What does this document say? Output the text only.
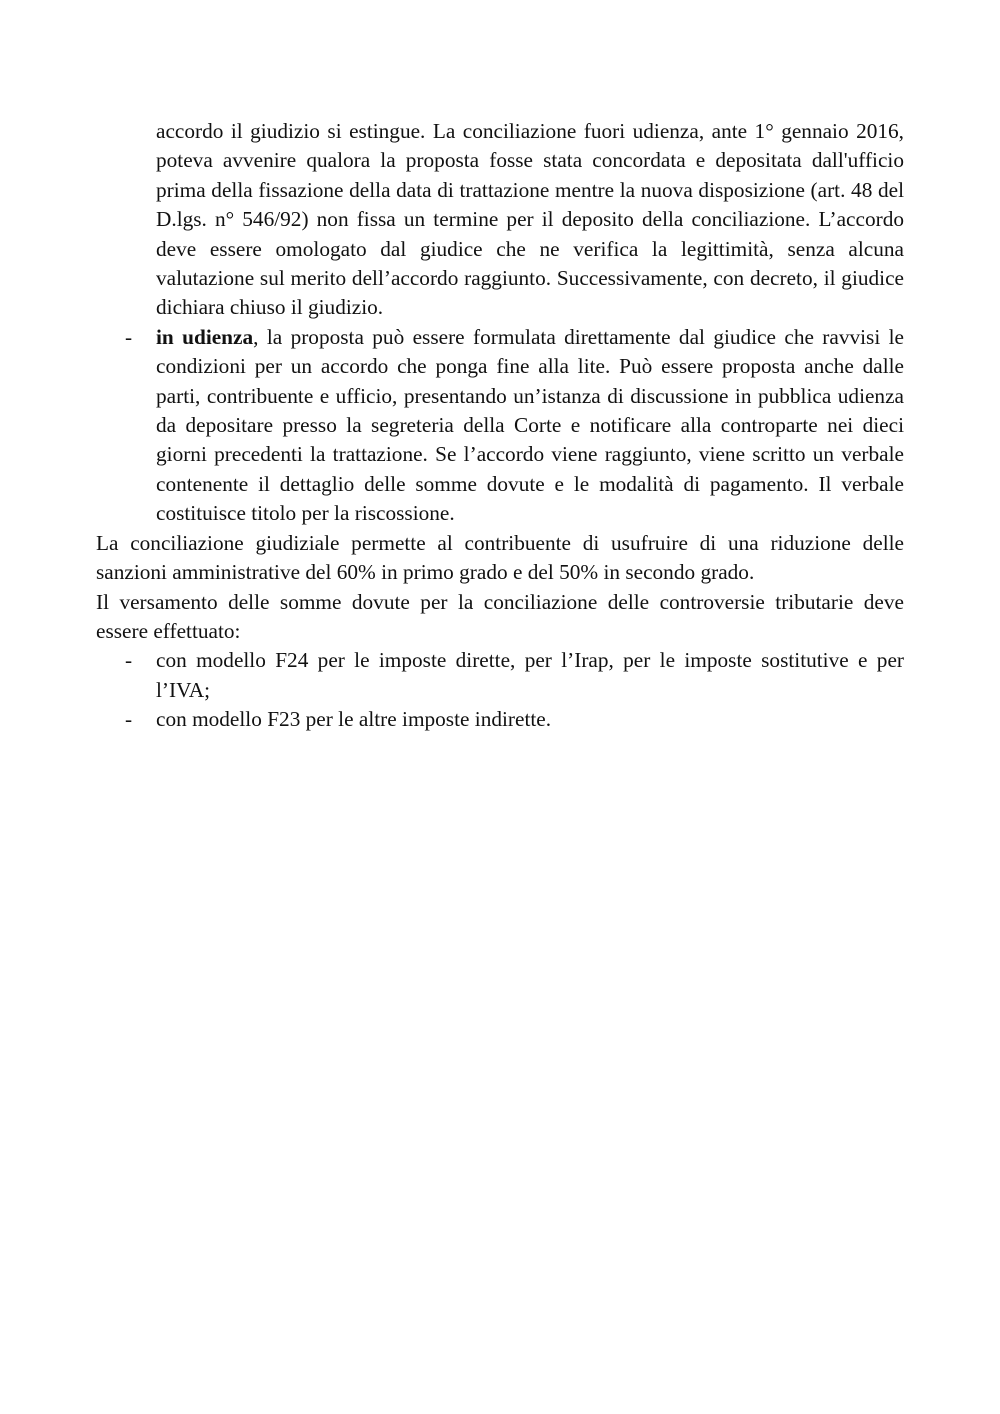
accordo il giudizio si estingue. La conciliazione fuori udienza, ante 1° gennaio 2016, poteva avvenire qualora la proposta fosse stata concordata e depositata dall'ufficio prima della fissazione della data di trattazione mentre la nuova disposizione (art. 48 del D.lgs. n° 546/92) non fissa un termine per il deposito della conciliazione. L’accordo deve essere omologato dal giudice che ne verifica la legittimità, senza alcuna valutazione sul merito dell’accordo raggiunto. Successivamente, con decreto, il giudice dichiara chiuso il giudizio.
- in udienza, la proposta può essere formulata direttamente dal giudice che ravvisi le condizioni per un accordo che ponga fine alla lite. Può essere proposta anche dalle parti, contribuente e ufficio, presentando un’istanza di discussione in pubblica udienza da depositare presso la segreteria della Corte e notificare alla controparte nei dieci giorni precedenti la trattazione. Se l’accordo viene raggiunto, viene scritto un verbale contenente il dettaglio delle somme dovute e le modalità di pagamento. Il verbale costituisce titolo per la riscossione.
La conciliazione giudiziale permette al contribuente di usufruire di una riduzione delle sanzioni amministrative del 60% in primo grado e del 50% in secondo grado.
Il versamento delle somme dovute per la conciliazione delle controversie tributarie deve essere effettuato:
- con modello F24 per le imposte dirette, per l’Irap, per le imposte sostitutive e per l’IVA;
- con modello F23 per le altre imposte indirette.
